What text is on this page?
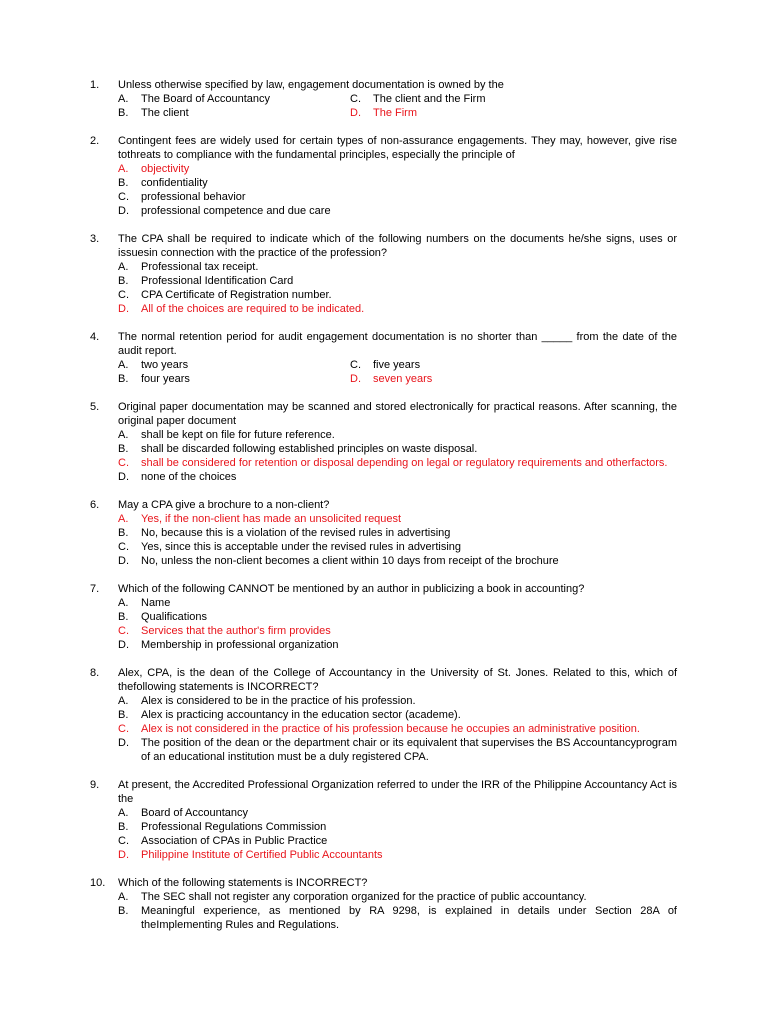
1.	Unless otherwise specified by law, engagement documentation is owned by the
A. The Board of Accountancy	C. The client and the Firm
B. The client	D. The Firm
2.	Contingent fees are widely used for certain types of non-assurance engagements. They may, however, give rise tothreats to compliance with the fundamental principles, especially the principle of
A. objectivity
B. confidentiality
C. professional behavior
D. professional competence and due care
3.	The CPA shall be required to indicate which of the following numbers on the documents he/she signs, uses or issuesin connection with the practice of the profession?
A. Professional tax receipt.
B. Professional Identification Card
C. CPA Certificate of Registration number.
D. All of the choices are required to be indicated.
4.	The normal retention period for audit engagement documentation is no shorter than _____ from the date of the audit report.
A. two years	C. five years
B. four years	D. seven years
5.	Original paper documentation may be scanned and stored electronically for practical reasons. After scanning, the original paper document
A. shall be kept on file for future reference.
B. shall be discarded following established principles on waste disposal.
C. shall be considered for retention or disposal depending on legal or regulatory requirements and otherfactors.
D. none of the choices
6.	May a CPA give a brochure to a non-client?
A. Yes, if the non-client has made an unsolicited request
B. No, because this is a violation of the revised rules in advertising
C. Yes, since this is acceptable under the revised rules in advertising
D. No, unless the non-client becomes a client within 10 days from receipt of the brochure
7.	Which of the following CANNOT be mentioned by an author in publicizing a book in accounting?
A. Name
B. Qualifications
C. Services that the author's firm provides
D. Membership in professional organization
8.	Alex, CPA, is the dean of the College of Accountancy in the University of St. Jones. Related to this, which of thefollowing statements is INCORRECT?
A. Alex is considered to be in the practice of his profession.
B. Alex is practicing accountancy in the education sector (academe).
C. Alex is not considered in the practice of his profession because he occupies an administrative position.
D. The position of the dean or the department chair or its equivalent that supervises the BS Accountancyprogram of an educational institution must be a duly registered CPA.
9.	At present, the Accredited Professional Organization referred to under the IRR of the Philippine Accountancy Act is the
A. Board of Accountancy
B. Professional Regulations Commission
C. Association of CPAs in Public Practice
D. Philippine Institute of Certified Public Accountants
10.	Which of the following statements is INCORRECT?
A. The SEC shall not register any corporation organized for the practice of public accountancy.
B. Meaningful experience, as mentioned by RA 9298, is explained in details under Section 28A of theImplementing Rules and Regulations.
